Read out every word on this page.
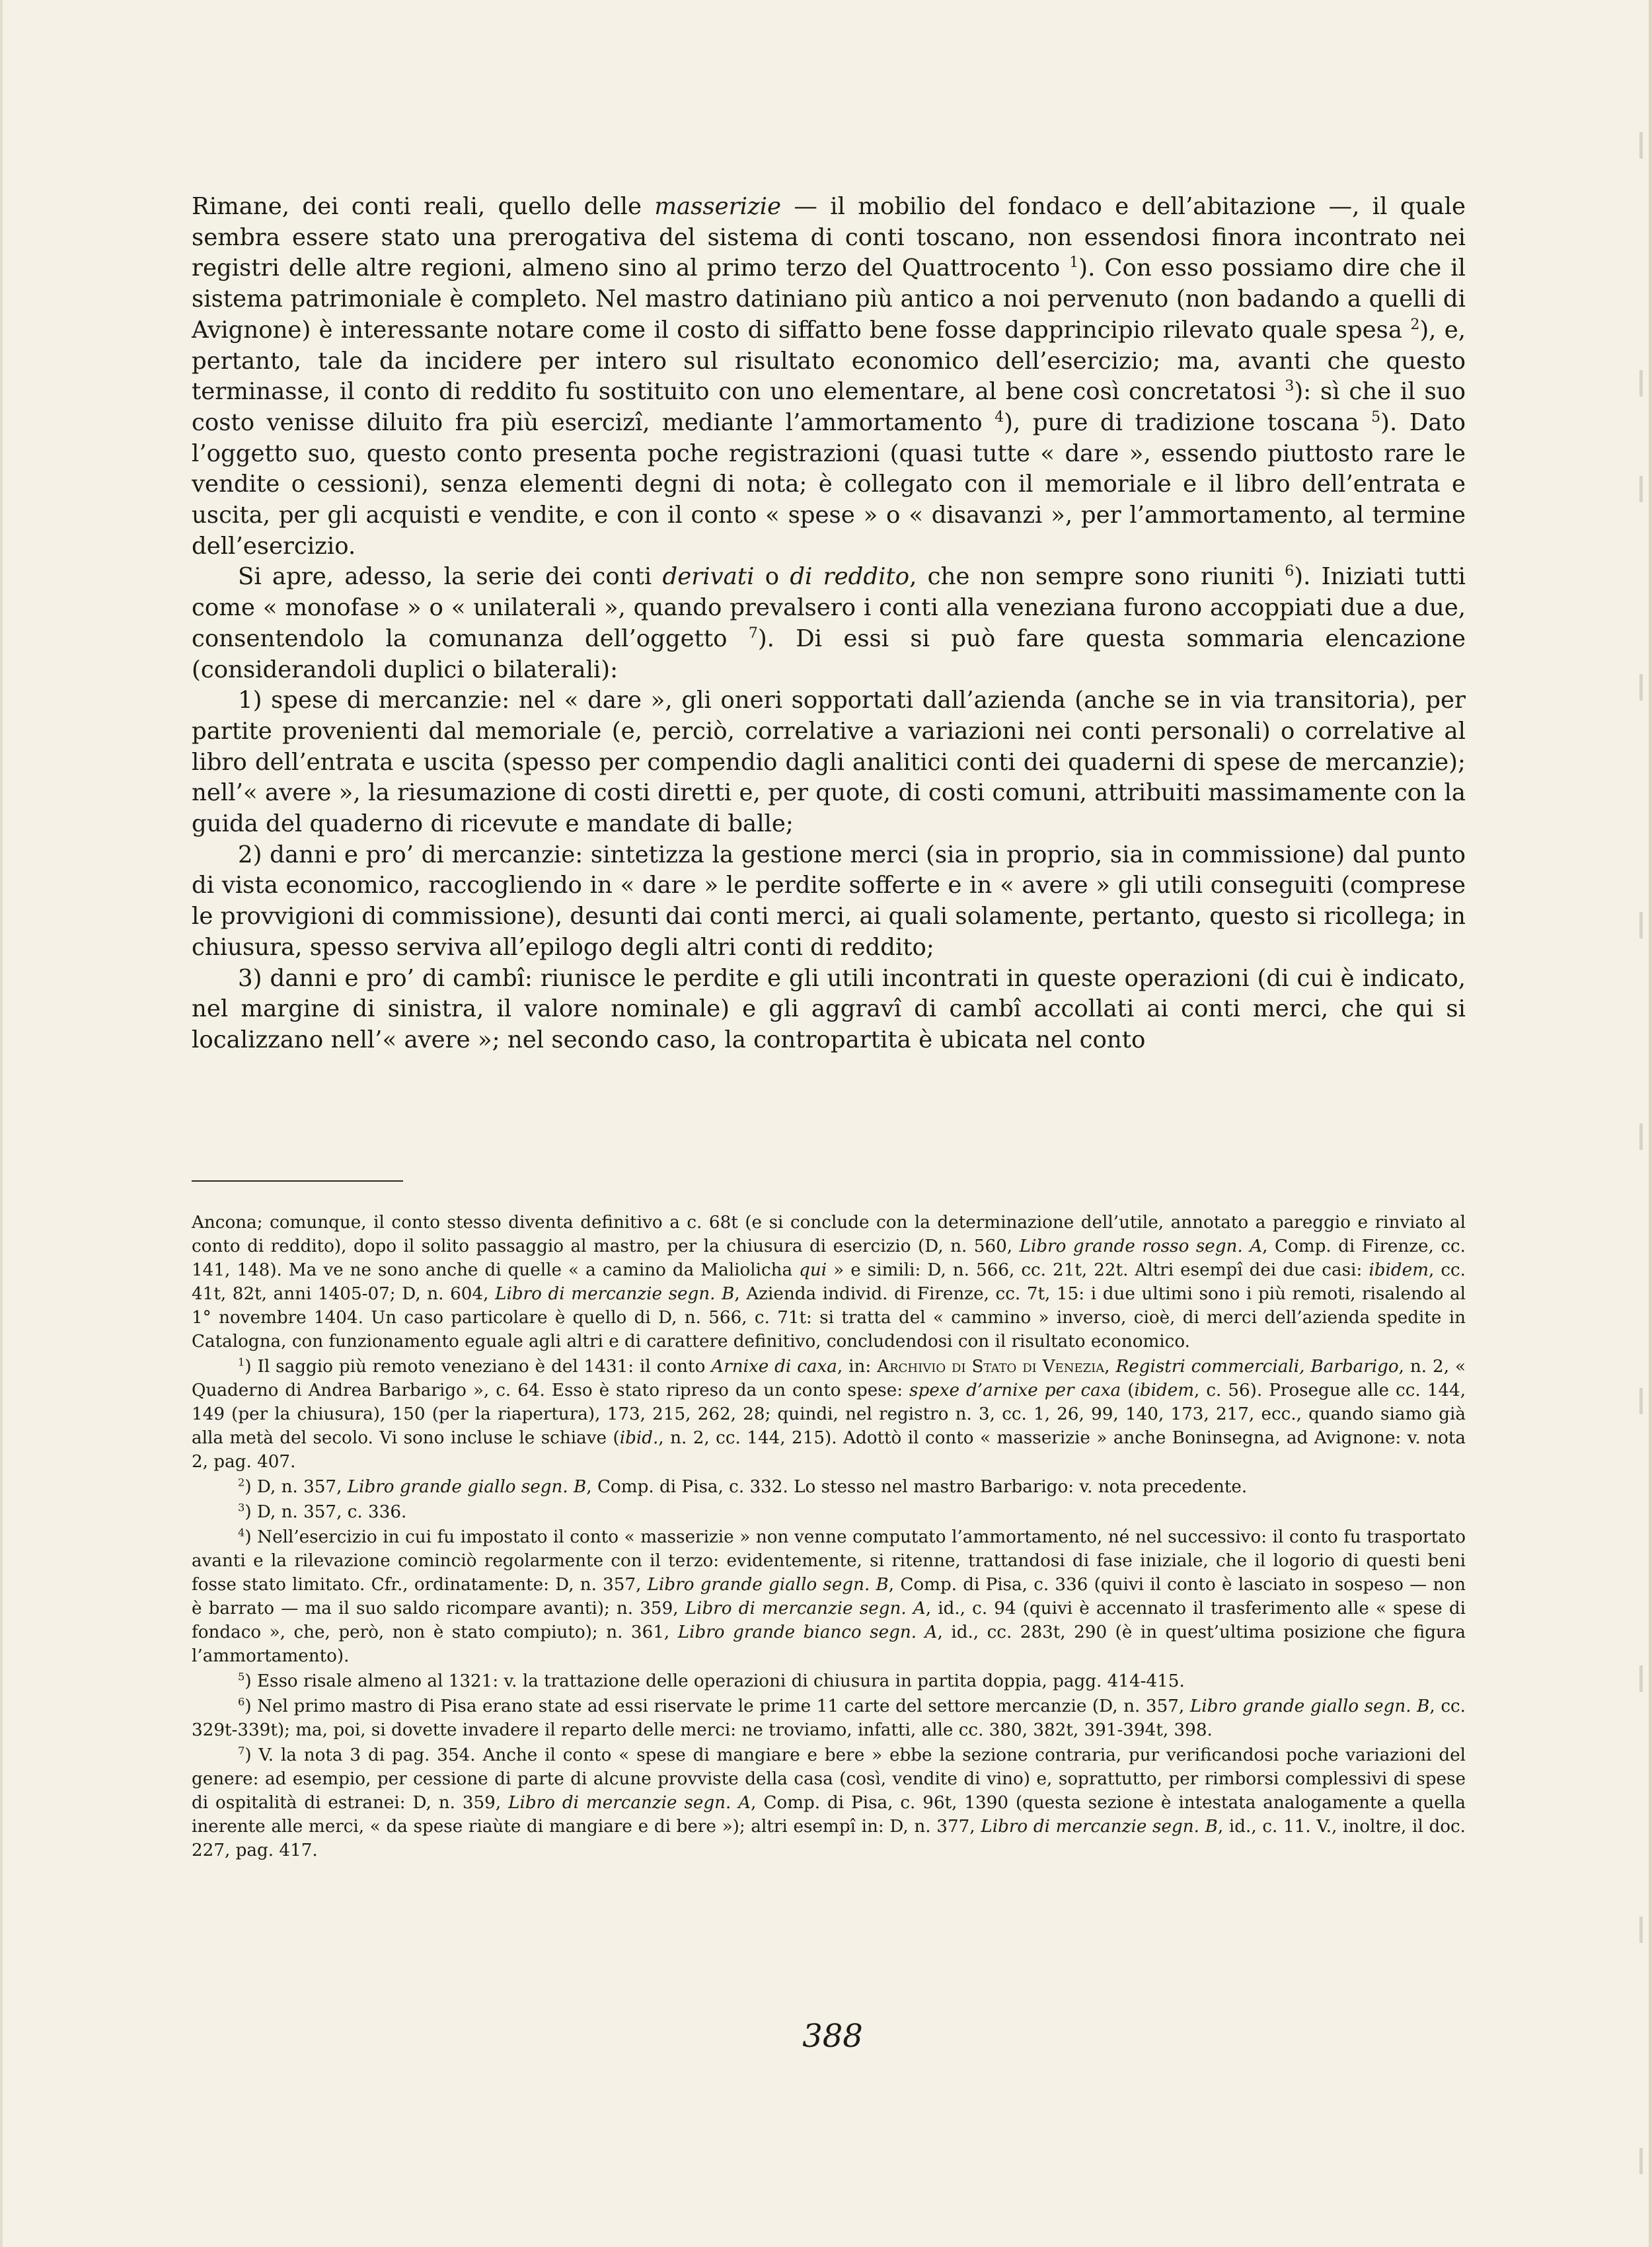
Rimane, dei conti reali, quello delle masserizie — il mobilio del fondaco e dell’abitazione —, il quale sembra essere stato una prerogativa del sistema di conti toscano, non essendosi finora incontrato nei registri delle altre regioni, almeno sino al primo terzo del Quattrocento $^1$). Con esso possiamo dire che il sistema patrimoniale è completo. Nel mastro datiniano più antico a noi pervenuto (non badando a quelli di Avignone) è interessante notare come il costo di siffatto bene fosse dapprincipio rilevato quale spesa $^2$), e, pertanto, tale da incidere per intero sul risultato economico dell’esercizio; ma, avanti che questo terminasse, il conto di reddito fu sostituito con uno elementare, al bene così concretatosi $^3$): sì che il suo costo venisse diluito fra più esercizî, mediante l’ammortamento $^4$), pure di tradizione toscana $^5$). Dato l’oggetto suo, questo conto presenta poche registrazioni (quasi tutte « dare », essendo piuttosto rare le vendite o cessioni), senza elementi degni di nota; è collegato con il memoriale e il libro dell’entrata e uscita, per gli acquisti e vendite, e con il conto « spese » o « disavanzi », per l’ammortamento, al termine dell’esercizio.

Si apre, adesso, la serie dei conti derivati o di reddito, che non sempre sono riuniti $^6$). Iniziati tutti come « monofase » o « unilaterali », quando prevalsero i conti alla veneziana furono accoppiati due a due, consentendolo la comunanza dell’oggetto $^7$). Di essi si può fare questa sommaria elencazione (considerandoli duplici o bilaterali):

1) spese di mercanzie: nel « dare », gli oneri sopportati dall’azienda (anche se in via transitoria), per partite provenienti dal memoriale (e, perciò, correlative a variazioni nei conti personali) o correlative al libro dell’entrata e uscita (spesso per compendio dagli analitici conti dei quaderni di spese de mercanzie); nell’« avere », la riesumazione di costi diretti e, per quote, di costi comuni, attribuiti massimamente con la guida del quaderno di ricevute e mandate di balle;

2) danni e pro’ di mercanzie: sintetizza la gestione merci (sia in proprio, sia in commissione) dal punto di vista economico, raccogliendo in « dare » le perdite sofferte e in « avere » gli utili conseguiti (comprese le provvigioni di commissione), desunti dai conti merci, ai quali solamente, pertanto, questo si ricollega; in chiusura, spesso serviva all’epilogo degli altri conti di reddito;

3) danni e pro’ di cambî: riunisce le perdite e gli utili incontrati in queste operazioni (di cui è indicato, nel margine di sinistra, il valore nominale) e gli aggravî di cambî accollati ai conti merci, che qui si localizzano nell’« avere »; nel secondo caso, la contropartita è ubicata nel conto

Ancona; comunque, il conto stesso diventa definitivo a c. 68t (e si conclude con la determinazione dell’utile, annotato a pareggio e rinviato al conto di reddito), dopo il solito passaggio al mastro, per la chiusura di esercizio (D, n. 560, Libro grande rosso segn. A, Comp. di Firenze, cc. 141, 148). Ma ve ne sono anche di quelle « a camino da Maliolicha qui » e simili: D, n. 566, cc. 21t, 22t. Altri esempî dei due casi: ibidem, cc. 41t, 82t, anni 1405-07; D, n. 604, Libro di mercanzie segn. B, Azienda individ. di Firenze, cc. 7t, 15: i due ultimi sono i più remoti, risalendo al 1° novembre 1404. Un caso particolare è quello di D, n. 566, c. 71t: si tratta del « cammino » inverso, cioè, di merci dell’azienda spedite in Catalogna, con funzionamento eguale agli altri e di carattere definitivo, concludendosi con il risultato economico.

$^1$) Il saggio più remoto veneziano è del 1431: il conto Arnixe di caxa, in: Archivio di Stato di Venezia, Registri commerciali, Barbarigo, n. 2, « Quaderno di Andrea Barbarigo », c. 64. Esso è stato ripreso da un conto spese: spexe d’arnixe per caxa (ibidem, c. 56). Prosegue alle cc. 144, 149 (per la chiusura), 150 (per la riapertura), 173, 215, 262, 28; quindi, nel registro n. 3, cc. 1, 26, 99, 140, 173, 217, ecc., quando siamo già alla metà del secolo. Vi sono incluse le schiave (ibid., n. 2, cc. 144, 215). Adottò il conto « masserizie » anche Boninsegna, ad Avignone: v. nota 2, pag. 407.

$^2$) D, n. 357, Libro grande giallo segn. B, Comp. di Pisa, c. 332. Lo stesso nel mastro Barbarigo: v. nota precedente.

$^3$) D, n. 357, c. 336.

$^4$) Nell’esercizio in cui fu impostato il conto « masserizie » non venne computato l’ammortamento, né nel successivo: il conto fu trasportato avanti e la rilevazione cominciò regolarmente con il terzo: evidentemente, si ritenne, trattandosi di fase iniziale, che il logorio di questi beni fosse stato limitato. Cfr., ordinatamente: D, n. 357, Libro grande giallo segn. B, Comp. di Pisa, c. 336 (quivi il conto è lasciato in sospeso — non è barrato — ma il suo saldo ricompare avanti); n. 359, Libro di mercanzie segn. A, id., c. 94 (quivi è accennato il trasferimento alle « spese di fondaco », che, però, non è stato compiuto); n. 361, Libro grande bianco segn. A, id., cc. 283t, 290 (è in quest’ultima posizione che figura l’ammortamento).

$^5$) Esso risale almeno al 1321: v. la trattazione delle operazioni di chiusura in partita doppia, pagg. 414-415.

$^6$) Nel primo mastro di Pisa erano state ad essi riservate le prime 11 carte del settore mercanzie (D, n. 357, Libro grande giallo segn. B, cc. 329t-339t); ma, poi, si dovette invadere il reparto delle merci: ne troviamo, infatti, alle cc. 380, 382t, 391-394t, 398.

$^7$) V. la nota 3 di pag. 354. Anche il conto « spese di mangiare e bere » ebbe la sezione contraria, pur verificandosi poche variazioni del genere: ad esempio, per cessione di parte di alcune provviste della casa (così, vendite di vino) e, soprattutto, per rimborsi complessivi di spese di ospitalità di estranei: D, n. 359, Libro di mercanzie segn. A, Comp. di Pisa, c. 96t, 1390 (questa sezione è intestata analogamente a quella inerente alle merci, « da spese riaùte di mangiare e di bere »); altri esempî in: D, n. 377, Libro di mercanzie segn. B, id., c. 11. V., inoltre, il doc. 227, pag. 417.

388
